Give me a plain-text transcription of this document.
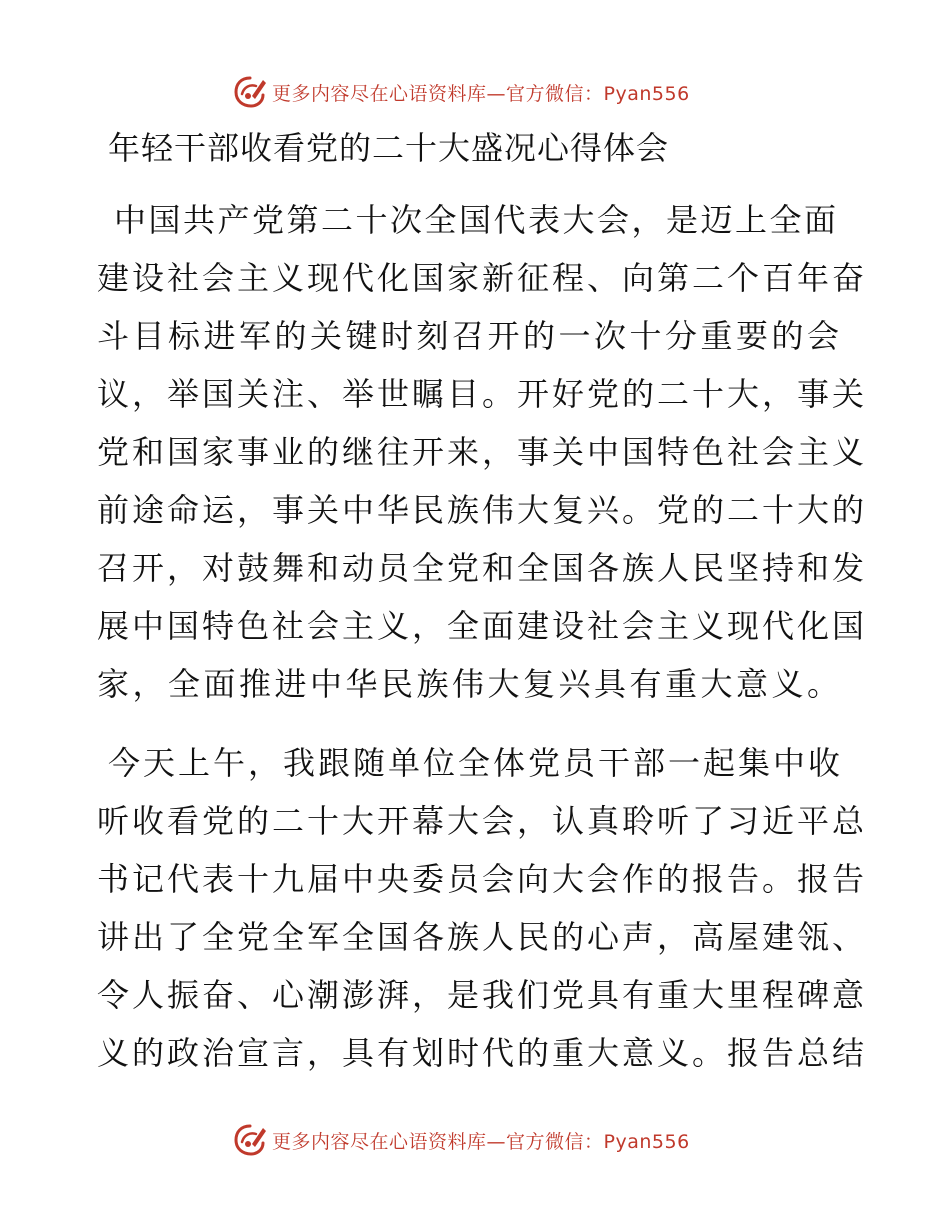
更多内容尽在心语资料库—官方微信：Pyan556
年轻干部收看党的二十大盛况心得体会

中国共产党第二十次全国代表大会，是迈上全面

建设社会主义现代化国家新征程、向第二个百年奋

斗目标进军的关键时刻召开的一次十分重要的会

议，举国关注、举世瞩目。开好党的二十大，事关

党和国家事业的继往开来，事关中国特色社会主义

前途命运，事关中华民族伟大复兴。党的二十大的

召开，对鼓舞和动员全党和全国各族人民坚持和发

展中国特色社会主义，全面建设社会主义现代化国

家，全面推进中华民族伟大复兴具有重大意义。

今天上午，我跟随单位全体党员干部一起集中收

听收看党的二十大开幕大会，认真聆听了习近平总

书记代表十九届中央委员会向大会作的报告。报告

讲出了全党全军全国各族人民的心声，高屋建瓴、

令人振奋、心潮澎湃，是我们党具有重大里程碑意

义的政治宣言，具有划时代的重大意义。报告总结

更多内容尽在心语资料库—官方微信：Pyan556
